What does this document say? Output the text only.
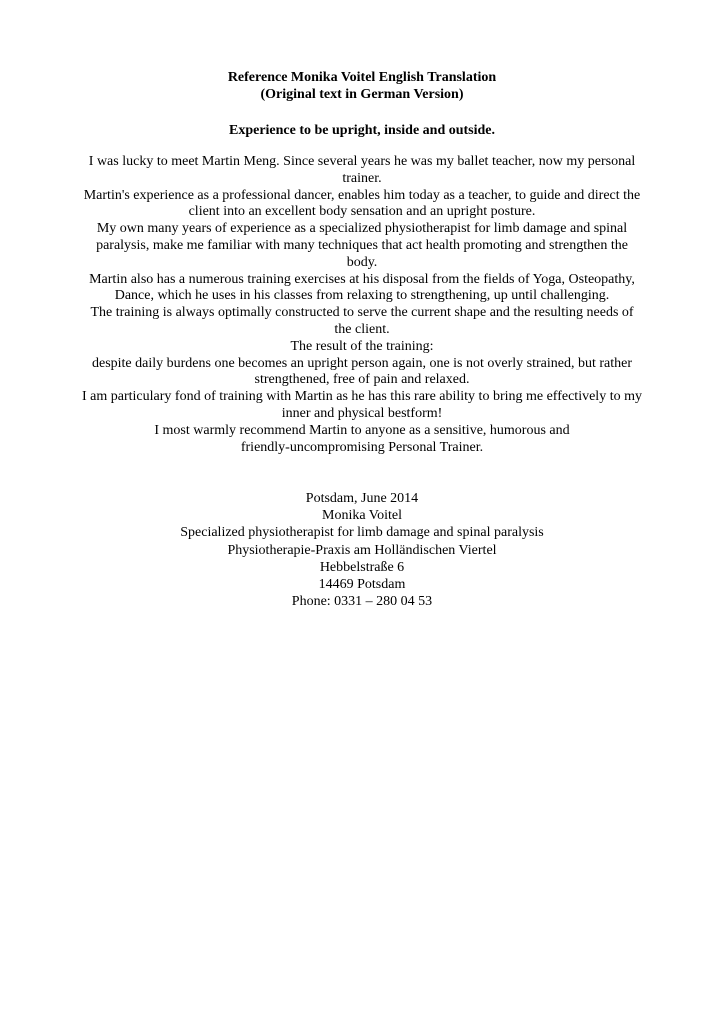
Reference Monika Voitel English Translation
(Original text in German Version)
Experience to be upright, inside and outside.
I was lucky to meet Martin Meng. Since several years he was my ballet teacher, now my personal
trainer.
Martin's experience as a professional dancer, enables him today as a teacher, to guide and direct the
client into an excellent body sensation and an upright posture.
My own many years of experience as a specialized physiotherapist for limb damage and spinal
paralysis, make me familiar with many techniques that act health promoting and strengthen the
body.
Martin also has a numerous training exercises at his disposal from the fields of Yoga, Osteopathy,
Dance, which he uses in his classes from relaxing to strengthening, up until challenging.
The training is always optimally constructed to serve the current shape and the resulting needs of
the client.
The result of the training:
despite daily burdens one becomes an upright person again, one is not overly strained, but rather
strengthened, free of pain and relaxed.
I am particulary fond of training with Martin as he has this rare ability to bring me effectively to my
inner and physical bestform!
I most warmly recommend Martin to anyone as a sensitive, humorous and
friendly-uncompromising Personal Trainer.
Potsdam, June 2014
Monika Voitel
Specialized physiotherapist for limb damage and spinal paralysis
Physiotherapie-Praxis am Holländischen Viertel
Hebbelstraße 6
14469 Potsdam
Phone: 0331 – 280 04 53
